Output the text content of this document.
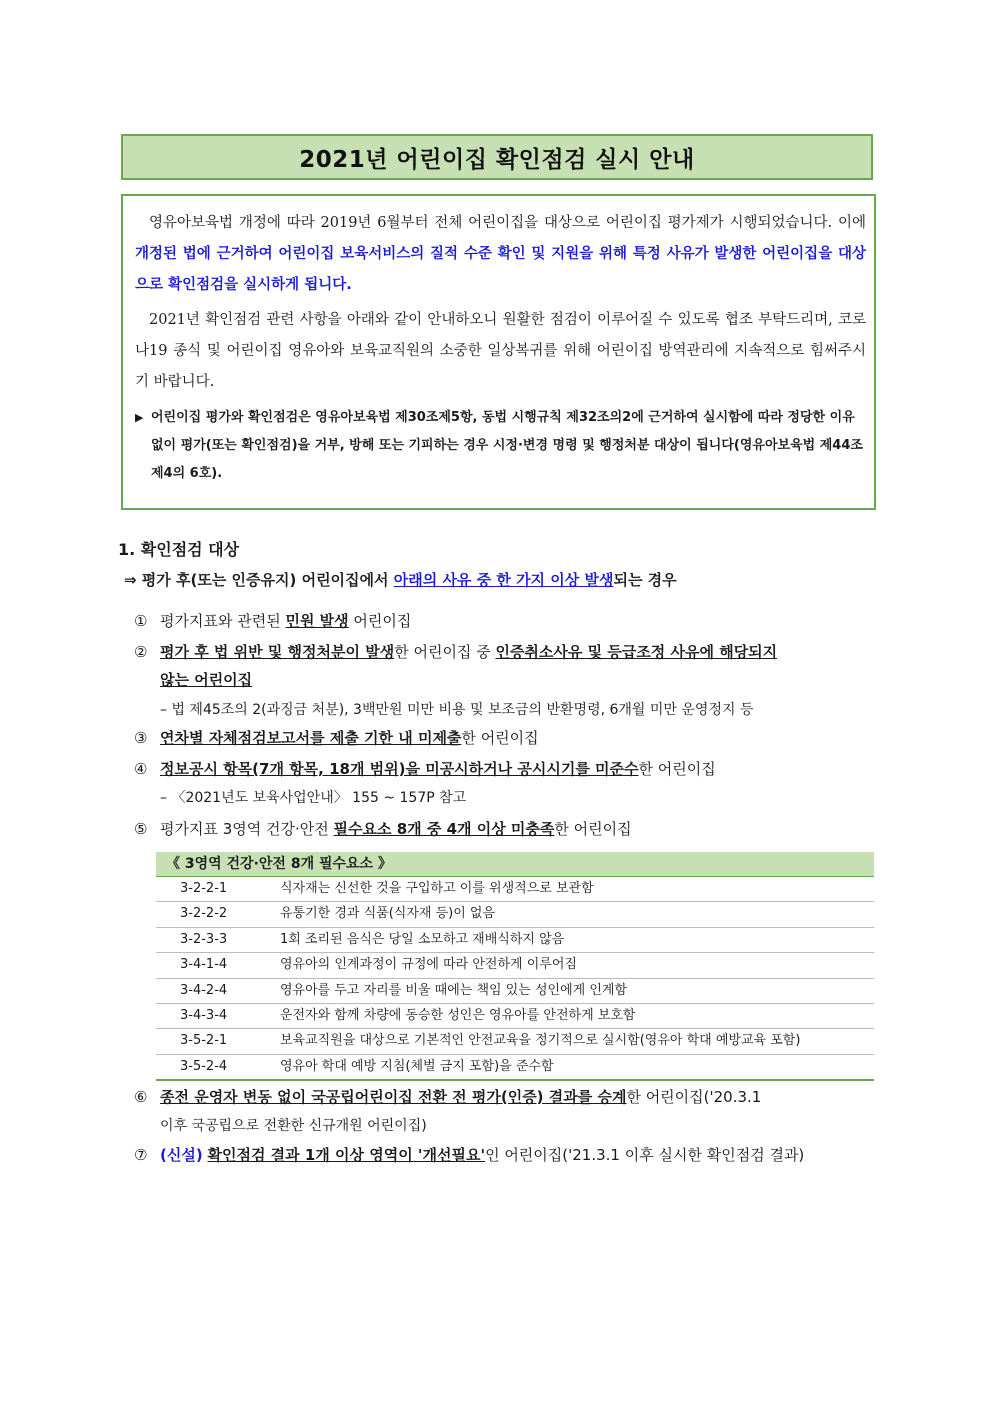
2021년 어린이집 확인점검 실시 안내

영유아보육법 개정에 따라 2019년 6월부터 전체 어린이집을 대상으로 어린이집 평가제가 시행되었습니다. 이에 개정된 법에 근거하여 어린이집 보육서비스의 질적 수준 확인 및 지원을 위해 특정 사유가 발생한 어린이집을 대상으로 확인점검을 실시하게 됩니다.

2021년 확인점검 관련 사항을 아래와 같이 안내하오니 원활한 점검이 이루어질 수 있도록 협조 부탁드리며, 코로나19 종식 및 어린이집 영유아와 보육교직원의 소중한 일상복귀를 위해 어린이집 방역관리에 지속적으로 힘써주시기 바랍니다.

▶ 어린이집 평가와 확인점검은 영유아보육법 제30조제5항, 동법 시행규칙 제32조의2에 근거하여 실시함에 따라 정당한 이유 없이 평가(또는 확인점검)을 거부, 방해 또는 기피하는 경우 시정·변경 명령 및 행정처분 대상이 됩니다(영유아보육법 제44조제4의 6호).
1. 확인점검 대상
⇒ 평가 후(또는 인증유지) 어린이집에서 아래의 사유 중 한 가지 이상 발생되는 경우
① 평가지표와 관련된 민원 발생 어린이집
② 평가 후 법 위반 및 행정처분이 발생한 어린이집 중 인증취소사유 및 등급조정 사유에 해당되지
않는 어린이집
– 법 제45조의 2(과징금 처분), 3백만원 미만 비용 및 보조금의 반환명령, 6개월 미만 운영정지 등
③ 연차별 자체점검보고서를 제출 기한 내 미제출한 어린이집
④ 정보공시 항목(7개 항목, 18개 범위)을 미공시하거나 공시시기를 미준수한 어린이집
– 〈2021년도 보육사업안내〉 155 ~ 157P 참고
⑤ 평가지표 3영역 건강·안전 필수요소 8개 중 4개 이상 미충족한 어린이집
《 3영역 건강·안전 8개 필수요소 》
3-2-2-1	식자재는 신선한 것을 구입하고 이를 위생적으로 보관함
3-2-2-2	유통기한 경과 식품(식자재 등)이 없음
3-2-3-3	1회 조리된 음식은 당일 소모하고 재배식하지 않음
3-4-1-4	영유아의 인계과정이 규정에 따라 안전하게 이루어짐
3-4-2-4	영유아를 두고 자리를 비울 때에는 책임 있는 성인에게 인계함
3-4-3-4	운전자와 함께 차량에 동승한 성인은 영유아를 안전하게 보호함
3-5-2-1	보육교직원을 대상으로 기본적인 안전교육을 정기적으로 실시함(영유아 학대 예방교육 포함)
3-5-2-4	영유아 학대 예방 지침(체벌 금지 포함)을 준수함
⑥ 종전 운영자 변동 없이 국공립어린이집 전환 전 평가(인증) 결과를 승계한 어린이집('20.3.1
이후 국공립으로 전환한 신규개원 어린이집)
⑦ (신설) 확인점검 결과 1개 이상 영역이 '개선필요'인 어린이집('21.3.1 이후 실시한 확인점검 결과)
